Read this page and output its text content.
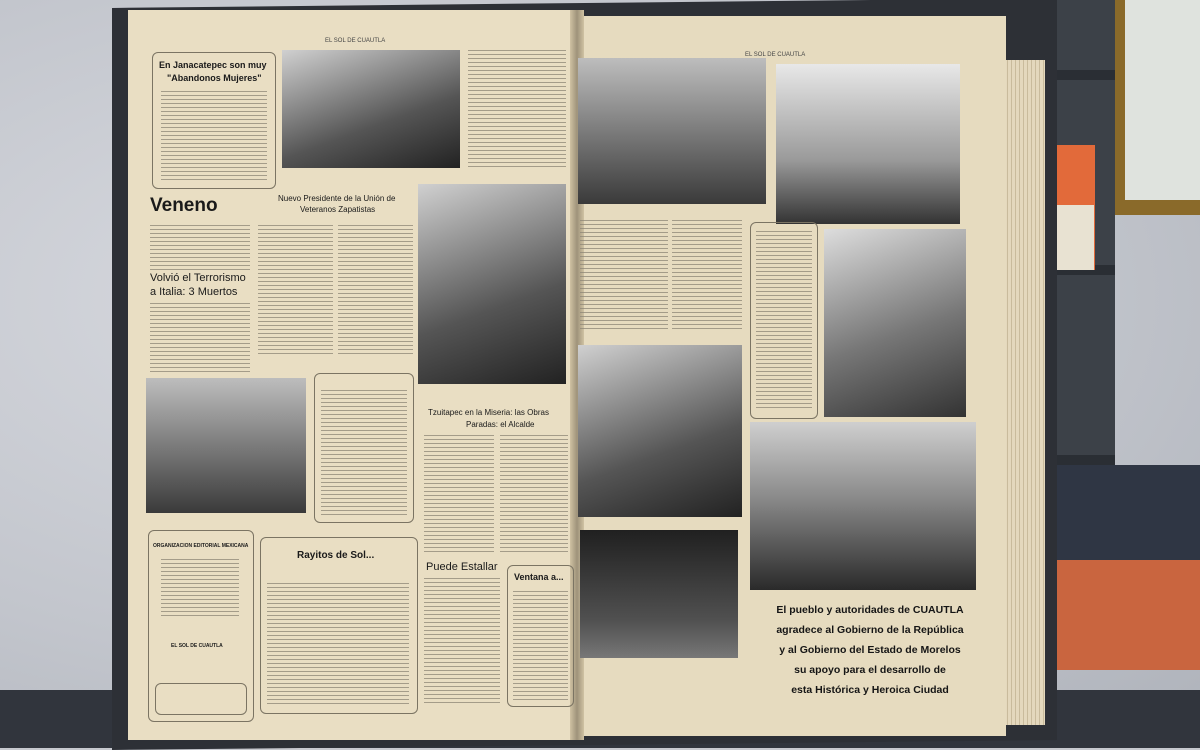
EL SOL DE CUAUTLA
En Janacatepec son muy
"Abandonos Mujeres"
Veneno	Nuevo Presidente de la Unión de
Veteranos Zapatistas
Volvió el Terrorismo
a Italia: 3 Muertos
Tzuitapec en la Miseria: las Obras
Paradas: el Alcalde
ORGANIZACION EDITORIAL MEXICANA
EL SOL DE CUAUTLA
Rayitos de Sol...
Puede Estallar
Ventana a...
EL SOL DE CUAUTLA
El pueblo y autoridades de CUAUTLA
agradece al Gobierno de la República
y al Gobierno del Estado de Morelos
su apoyo para el desarrollo de
esta Histórica y Heroica Ciudad
